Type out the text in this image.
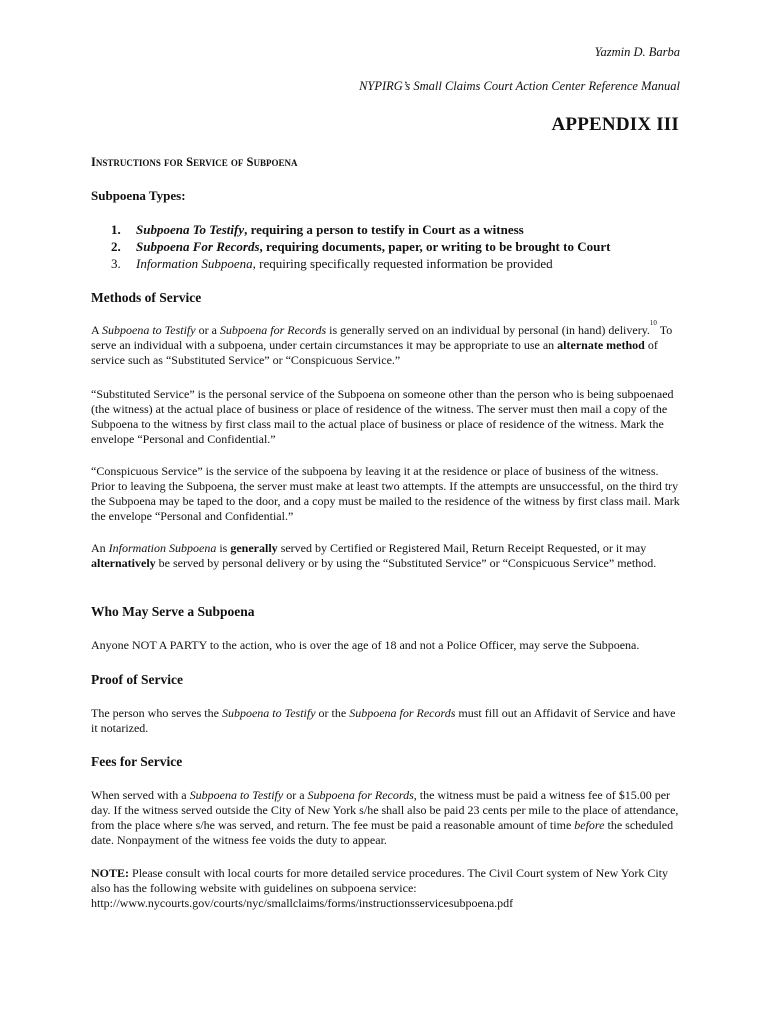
Yazmin D. Barba
NYPIRG’s Small Claims Court Action Center Reference Manual
APPENDIX III
Instructions for Service of Subpoena
Subpoena Types:
1. Subpoena To Testify, requiring a person to testify in Court as a witness
2. Subpoena For Records, requiring documents, paper, or writing to be brought to Court
3. Information Subpoena, requiring specifically requested information be provided
Methods of Service

A Subpoena to Testify or a Subpoena for Records is generally served on an individual by personal (in hand) delivery.$^{10}$ To serve an individual with a subpoena, under certain circumstances it may be appropriate to use an alternate method of service such as “Substituted Service” or “Conspicuous Service.”

“Substituted Service” is the personal service of the Subpoena on someone other than the person who is being subpoenaed (the witness) at the actual place of business or place of residence of the witness. The server must then mail a copy of the Subpoena to the witness by first class mail to the actual place of business or place of residence of the witness. Mark the envelope “Personal and Confidential.”

“Conspicuous Service” is the service of the subpoena by leaving it at the residence or place of business of the witness. Prior to leaving the Subpoena, the server must make at least two attempts. If the attempts are unsuccessful, on the third try the Subpoena may be taped to the door, and a copy must be mailed to the residence of the witness by first class mail. Mark the envelope “Personal and Confidential.”

An Information Subpoena is generally served by Certified or Registered Mail, Return Receipt Requested, or it may alternatively be served by personal delivery or by using the “Substituted Service” or “Conspicuous Service” method.

Who May Serve a Subpoena

Anyone NOT A PARTY to the action, who is over the age of 18 and not a Police Officer, may serve the Subpoena.

Proof of Service

The person who serves the Subpoena to Testify or the Subpoena for Records must fill out an Affidavit of Service and have it notarized.

Fees for Service

When served with a Subpoena to Testify or a Subpoena for Records, the witness must be paid a witness fee of $15.00 per day. If the witness served outside the City of New York s/he shall also be paid 23 cents per mile to the place of attendance, from the place where s/he was served, and return. The fee must be paid a reasonable amount of time before the scheduled date. Nonpayment of the witness fee voids the duty to appear.

NOTE: Please consult with local courts for more detailed service procedures. The Civil Court system of New York City also has the following website with guidelines on subpoena service:
http://www.nycourts.gov/courts/nyc/smallclaims/forms/instructionsservicesubpoena.pdf
